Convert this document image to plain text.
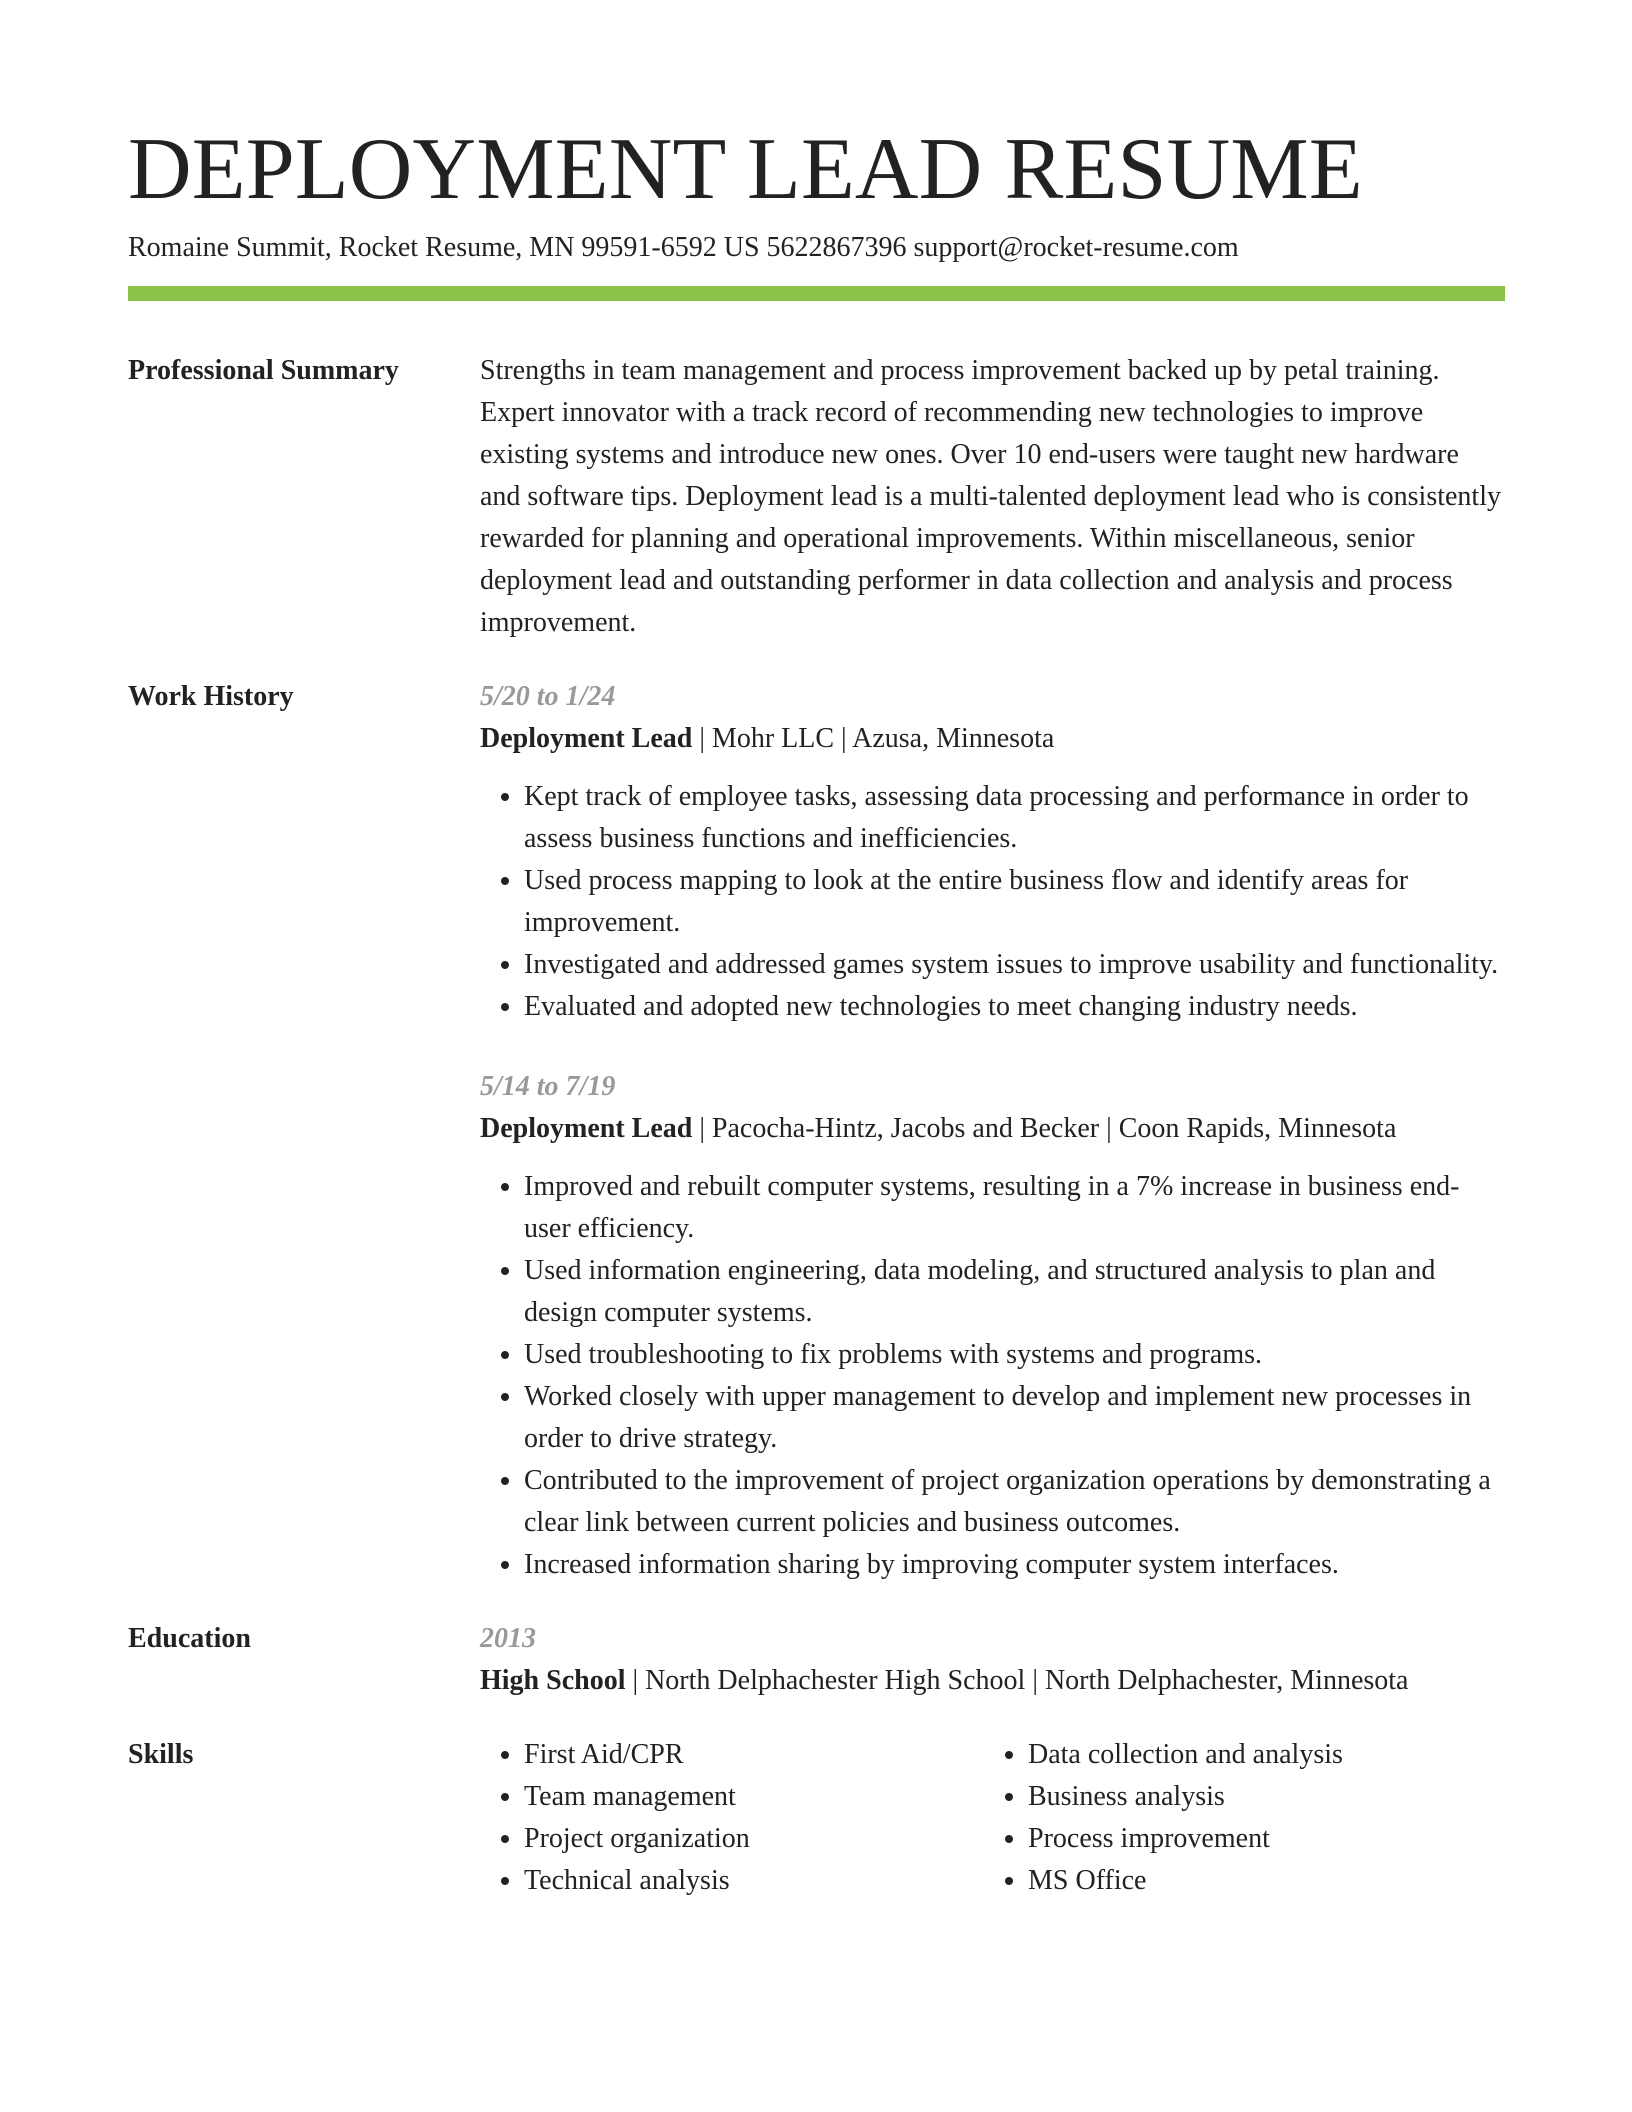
DEPLOYMENT LEAD RESUME
Romaine Summit, Rocket Resume, MN 99591-6592 US 5622867396 support@rocket-resume.com
Professional Summary	Strengths in team management and process improvement backed up by petal training. Expert innovator with a track record of recommending new technologies to improve existing systems and introduce new ones. Over 10 end-users were taught new hardware and software tips. Deployment lead is a multi-talented deployment lead who is consistently rewarded for planning and operational improvements. Within miscellaneous, senior deployment lead and outstanding performer in data collection and analysis and process improvement.

Work History	5/20 to 1/24
Deployment Lead | Mohr LLC | Azusa, Minnesota
• Kept track of employee tasks, assessing data processing and performance in order to assess business functions and inefficiencies.
• Used process mapping to look at the entire business flow and identify areas for improvement.
• Investigated and addressed games system issues to improve usability and functionality.
• Evaluated and adopted new technologies to meet changing industry needs.
5/14 to 7/19
Deployment Lead | Pacocha-Hintz, Jacobs and Becker | Coon Rapids, Minnesota
• Improved and rebuilt computer systems, resulting in a 7% increase in business end-user efficiency.
• Used information engineering, data modeling, and structured analysis to plan and design computer systems.
• Used troubleshooting to fix problems with systems and programs.
• Worked closely with upper management to develop and implement new processes in order to drive strategy.
• Contributed to the improvement of project organization operations by demonstrating a clear link between current policies and business outcomes.
• Increased information sharing by improving computer system interfaces.
Education	2013
High School | North Delphachester High School | North Delphachester, Minnesota
Skills
•	First Aid/CPR
• Team management
• Project organization
• Technical analysis
• Data collection and analysis
• Business analysis
• Process improvement
• MS Office
